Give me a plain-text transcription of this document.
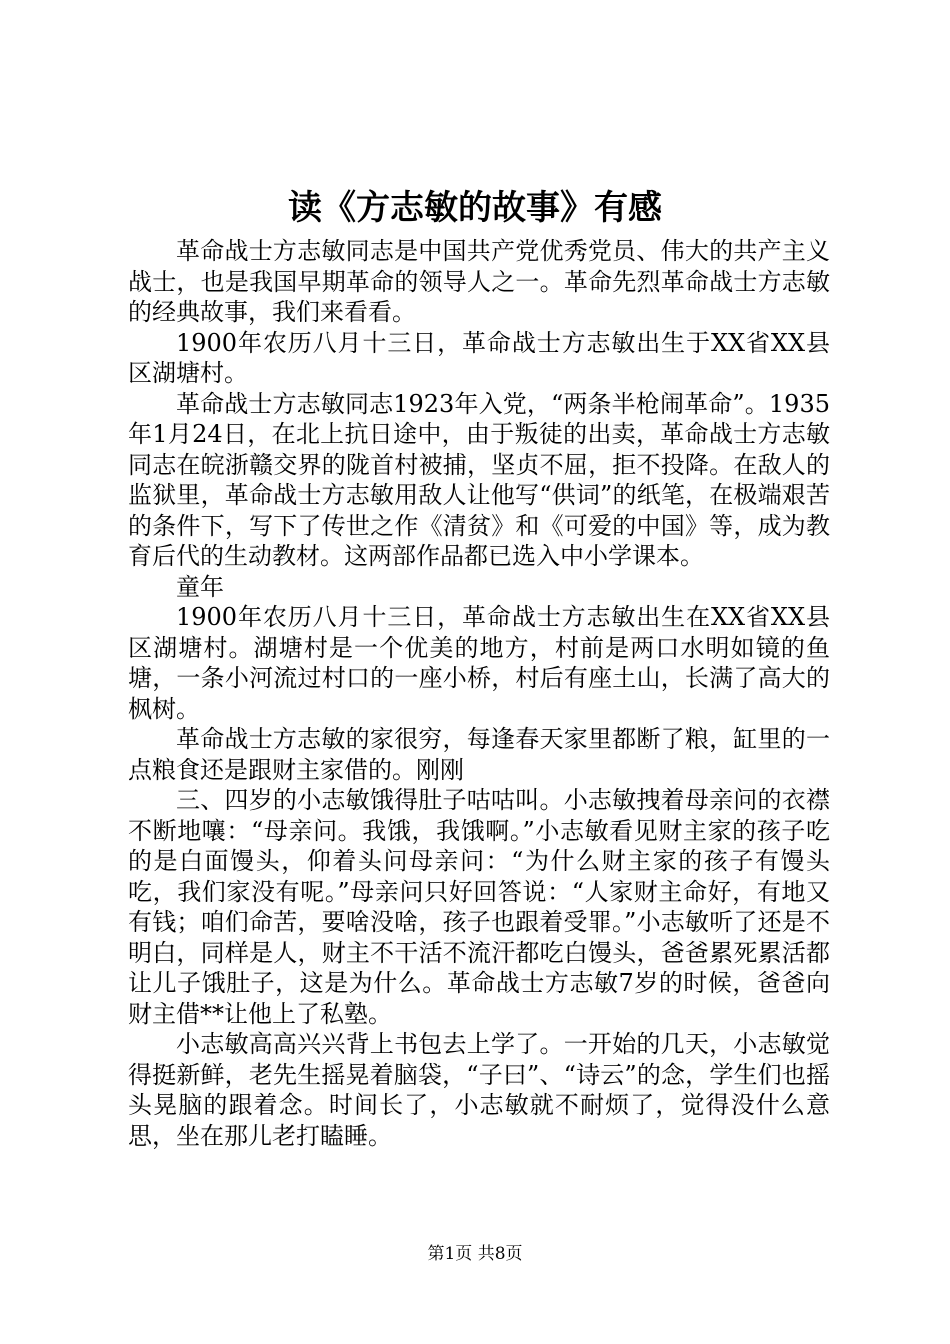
读《方志敏的故事》有感

革命战士方志敏同志是中国共产党优秀党员、伟大的共产主义战士，也是我国早期革命的领导人之一。革命先烈革命战士方志敏的经典故事，我们来看看。

1900年农历八月十三日，革命战士方志敏出生于XX省XX县区湖塘村。

革命战士方志敏同志1923年入党，“两条半枪闹革命”。1935年1月24日，在北上抗日途中，由于叛徒的出卖，革命战士方志敏同志在皖浙赣交界的陇首村被捕，坚贞不屈，拒不投降。在敌人的监狱里，革命战士方志敏用敌人让他写“供词”的纸笔，在极端艰苦的条件下，写下了传世之作《清贫》和《可爱的中国》等，成为教育后代的生动教材。这两部作品都已选入中小学课本。

童年

1900年农历八月十三日，革命战士方志敏出生在XX省XX县区湖塘村。湖塘村是一个优美的地方，村前是两口水明如镜的鱼塘，一条小河流过村口的一座小桥，村后有座土山，长满了高大的枫树。

革命战士方志敏的家很穷，每逢春天家里都断了粮，缸里的一点粮食还是跟财主家借的。刚刚

三、四岁的小志敏饿得肚子咕咕叫。小志敏拽着母亲问的衣襟不断地嚷：“母亲问。我饿，我饿啊。”小志敏看见财主家的孩子吃的是白面馒头，仰着头问母亲问：“为什么财主家的孩子有馒头吃，我们家没有呢。”母亲问只好回答说：“人家财主命好，有地又有钱；咱们命苦，要啥没啥，孩子也跟着受罪。”小志敏听了还是不明白，同样是人，财主不干活不流汗都吃白馒头，爸爸累死累活都让儿子饿肚子，这是为什么。革命战士方志敏7岁的时候，爸爸向财主借**让他上了私塾。

小志敏高高兴兴背上书包去上学了。一开始的几天，小志敏觉得挺新鲜，老先生摇晃着脑袋，“子曰”、“诗云”的念，学生们也摇头晃脑的跟着念。时间长了，小志敏就不耐烦了，觉得没什么意思，坐在那儿老打瞌睡。

第1页 共8页
